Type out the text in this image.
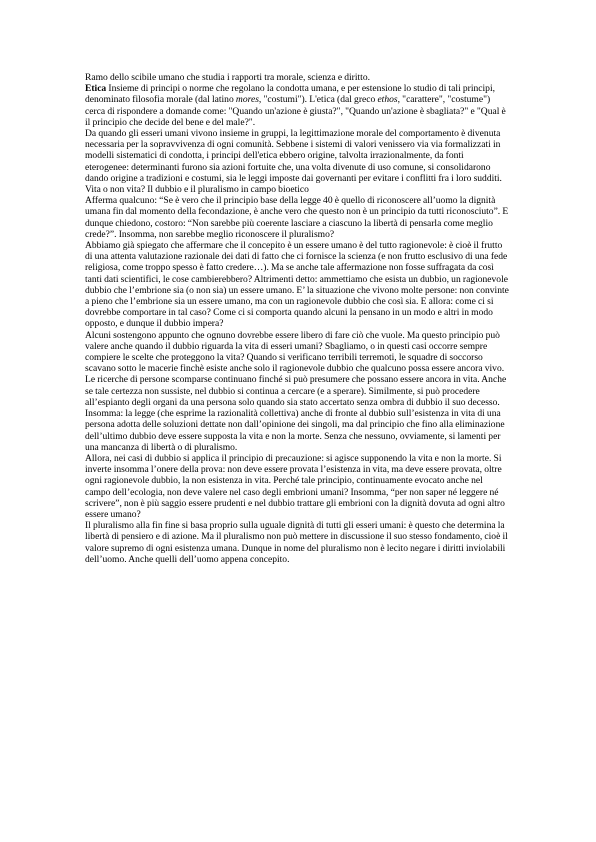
Ramo dello scibile umano che studia i rapporti tra morale, scienza e diritto.

Etica Insieme di principi o norme che regolano la condotta umana, e per estensione lo studio di tali principi, denominato filosofia morale (dal latino mores, "costumi"). L'etica (dal greco ethos, "carattere", "costume") cerca di rispondere a domande come: "Quando un'azione è giusta?", "Quando un'azione è sbagliata?" e "Qual è il principio che decide del bene e del male?".

Da quando gli esseri umani vivono insieme in gruppi, la legittimazione morale del comportamento è divenuta necessaria per la sopravvivenza di ogni comunità. Sebbene i sistemi di valori venissero via via formalizzati in modelli sistematici di condotta, i principi dell'etica ebbero origine, talvolta irrazionalmente, da fonti eterogenee: determinanti furono sia azioni fortuite che, una volta divenute di uso comune, si consolidarono dando origine a tradizioni e costumi, sia le leggi imposte dai governanti per evitare i conflitti fra i loro sudditi.

Vita o non vita? Il dubbio e il pluralismo in campo bioetico

Afferma qualcuno: “Se è vero che il principio base della legge 40 è quello di riconoscere all’uomo la dignità umana fin dal momento della fecondazione, è anche vero che questo non è un principio da tutti riconosciuto”. E dunque chiedono, costoro: “Non sarebbe più coerente lasciare a ciascuno la libertà di pensarla come meglio crede?”. Insomma, non sarebbe meglio riconoscere il pluralismo?

Abbiamo già spiegato che affermare che il concepito è un essere umano è del tutto ragionevole: è cioè il frutto di una attenta valutazione razionale dei dati di fatto che ci fornisce la scienza (e non frutto esclusivo di una fede religiosa, come troppo spesso è fatto credere…). Ma se anche tale affermazione non fosse suffragata da così tanti dati scientifici, le cose cambierebbero? Altrimenti detto: ammettiamo che esista un dubbio, un ragionevole dubbio che l’embrione sia (o non sia) un essere umano. E’ la situazione che vivono molte persone: non convinte a pieno che l’embrione sia un essere umano, ma con un ragionevole dubbio che così sia. E allora: come ci si dovrebbe comportare in tal caso? Come ci si comporta quando alcuni la pensano in un modo e altri in modo opposto, e dunque il dubbio impera?

Alcuni sostengono appunto che ognuno dovrebbe essere libero di fare ciò che vuole. Ma questo principio può valere anche quando il dubbio riguarda la vita di esseri umani? Sbagliamo, o in questi casi occorre sempre compiere le scelte che proteggono la vita? Quando si verificano terribili terremoti, le squadre di soccorso scavano sotto le macerie finchè esiste anche solo il ragionevole dubbio che qualcuno possa essere ancora vivo. Le ricerche di persone scomparse continuano finché si può presumere che possano essere ancora in vita. Anche se tale certezza non sussiste, nel dubbio si continua a cercare (e a sperare). Similmente, si può procedere all’espianto degli organi da una persona solo quando sia stato accertato senza ombra di dubbio il suo decesso. Insomma: la legge (che esprime la razionalità collettiva) anche di fronte al dubbio sull’esistenza in vita di una persona adotta delle soluzioni dettate non dall’opinione dei singoli, ma dal principio che fino alla eliminazione dell’ultimo dubbio deve essere supposta la vita e non la morte. Senza che nessuno, ovviamente, si lamenti per una mancanza di libertà o di pluralismo.

Allora, nei casi di dubbio si applica il principio di precauzione: si agisce supponendo la vita e non la morte. Si inverte insomma l’onere della prova: non deve essere provata l’esistenza in vita, ma deve essere provata, oltre ogni ragionevole dubbio, la non esistenza in vita. Perché tale principio, continuamente evocato anche nel campo dell’ecologia, non deve valere nel caso degli embrioni umani? Insomma, “per non saper né leggere né scrivere”, non è più saggio essere prudenti e nel dubbio trattare gli embrioni con la dignità dovuta ad ogni altro essere umano?

Il pluralismo alla fin fine si basa proprio sulla uguale dignità di tutti gli esseri umani: è questo che determina la libertà di pensiero e di azione. Ma il pluralismo non può mettere in discussione il suo stesso fondamento, cioè il valore supremo di ogni esistenza umana. Dunque in nome del pluralismo non è lecito negare i diritti inviolabili dell’uomo. Anche quelli dell’uomo appena concepito.
